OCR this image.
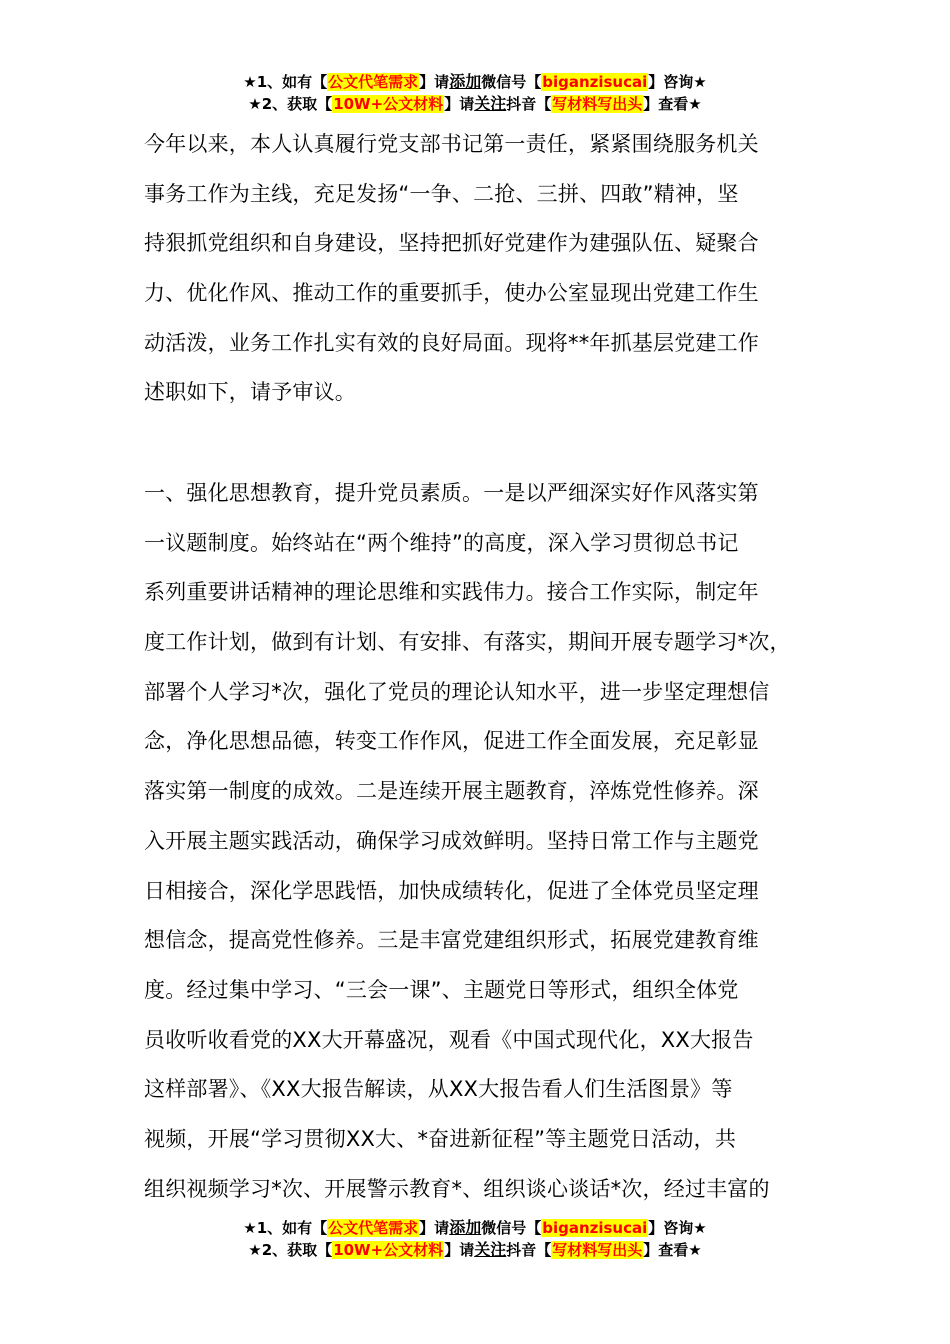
★1、如有【公文代笔需求】请添加微信号【biganzisucai】咨询★
★2、获取【10W+公文材料】请关注抖音【写材料写出头】查看★
今年以来，本人认真履行党支部书记第一责任，紧紧围绕服务机关
事务工作为主线，充足发扬“一争、二抢、三拼、四敢”精神，坚
持狠抓党组织和自身建设，坚持把抓好党建作为建强队伍、疑聚合
力、优化作风、推动工作的重要抓手，使办公室显现出党建工作生
动活泼，业务工作扎实有效的良好局面。现将**年抓基层党建工作
述职如下，请予审议。
一、强化思想教育，提升党员素质。一是以严细深实好作风落实第
一议题制度。始终站在“两个维持”的高度，深入学习贯彻总书记
系列重要讲话精神的理论思维和实践伟力。接合工作实际，制定年
度工作计划，做到有计划、有安排、有落实，期间开展专题学习*次，
部署个人学习*次，强化了党员的理论认知水平，进一步坚定理想信
念，净化思想品德，转变工作作风，促进工作全面发展，充足彰显
落实第一制度的成效。二是连续开展主题教育，淬炼党性修养。深
入开展主题实践活动，确保学习成效鲜明。坚持日常工作与主题党
日相接合，深化学思践悟，加快成绩转化，促进了全体党员坚定理
想信念，提高党性修养。三是丰富党建组织形式，拓展党建教育维
度。经过集中学习、“三会一课”、主题党日等形式，组织全体党
员收听收看党的XX大开幕盛况，观看《中国式现代化，XX大报告
这样部署》、《XX大报告解读，从XX大报告看人们生活图景》等
视频，开展“学习贯彻XX大、*奋进新征程”等主题党日活动，共
组织视频学习*次、开展警示教育*、组织谈心谈话*次，经过丰富的
★1、如有【公文代笔需求】请添加微信号【biganzisucai】咨询★
★2、获取【10W+公文材料】请关注抖音【写材料写出头】查看★
